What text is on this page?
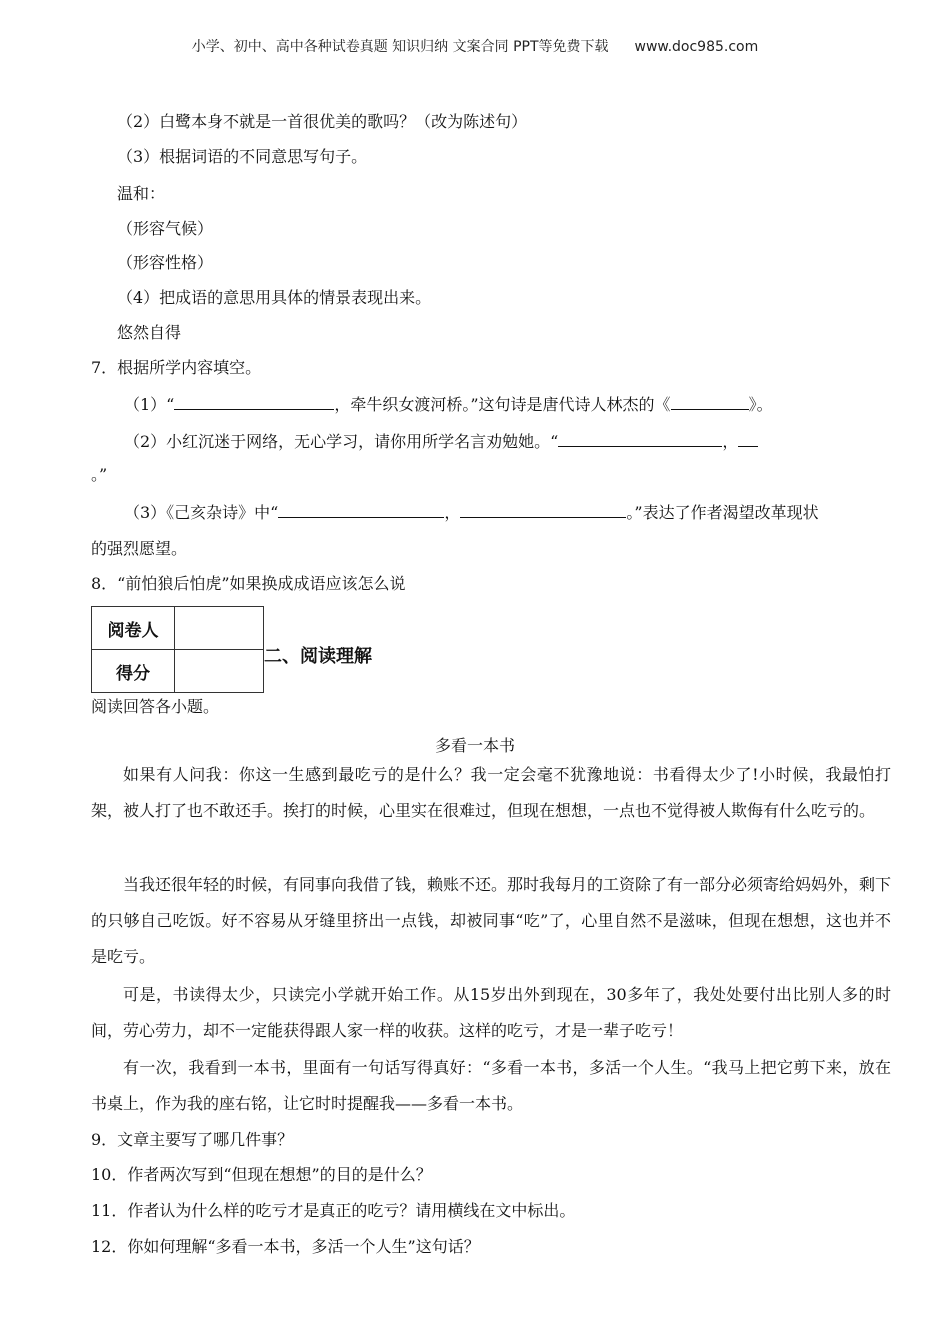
小学、初中、高中各种试卷真题 知识归纳 文案合同 PPT等免费下载 www.doc985.com
（2）白鹭本身不就是一首很优美的歌吗？（改为陈述句）
（3）根据词语的不同意思写句子。
温和：
（形容气候）
（形容性格）
（4）把成语的意思用具体的情景表现出来。
悠然自得
7．根据所学内容填空。
（1）“	，牵牛织女渡河桥。”这句诗是唐代诗人林杰的《	》。
（2）小红沉迷于网络，无心学习，请你用所学名言劝勉她。“	，
。”
（3）《己亥杂诗》中“	，	。”表达了作者渴望改革现状
的强烈愿望。
8．“前怕狼后怕虎”如果换成成语应该怎么说
阅卷人	
得分	
二、阅读理解
阅读回答各小题。
多看一本书
如果有人问我：你这一生感到最吃亏的是什么？我一定会毫不犹豫地说：书看得太少了!小时候，我最怕打架，被人打了也不敢还手。挨打的时候，心里实在很难过，但现在想想，一点也不觉得被人欺侮有什么吃亏的。
当我还很年轻的时候，有同事向我借了钱，赖账不还。那时我每月的工资除了有一部分必须寄给妈妈外，剩下的只够自己吃饭。好不容易从牙缝里挤出一点钱，却被同事“吃”了，心里自然不是滋味，但现在想想，这也并不是吃亏。
可是，书读得太少，只读完小学就开始工作。从15岁出外到现在，30多年了，我处处要付出比别人多的时间，劳心劳力，却不一定能获得跟人家一样的收获。这样的吃亏，才是一辈子吃亏！
有一次，我看到一本书，里面有一句话写得真好：“多看一本书，多活一个人生。“我马上把它剪下来，放在书桌上，作为我的座右铭，让它时时提醒我——多看一本书。
9．文章主要写了哪几件事？
10．作者两次写到“但现在想想”的目的是什么？
11．作者认为什么样的吃亏才是真正的吃亏？请用横线在文中标出。
12．你如何理解“多看一本书，多活一个人生”这句话？
